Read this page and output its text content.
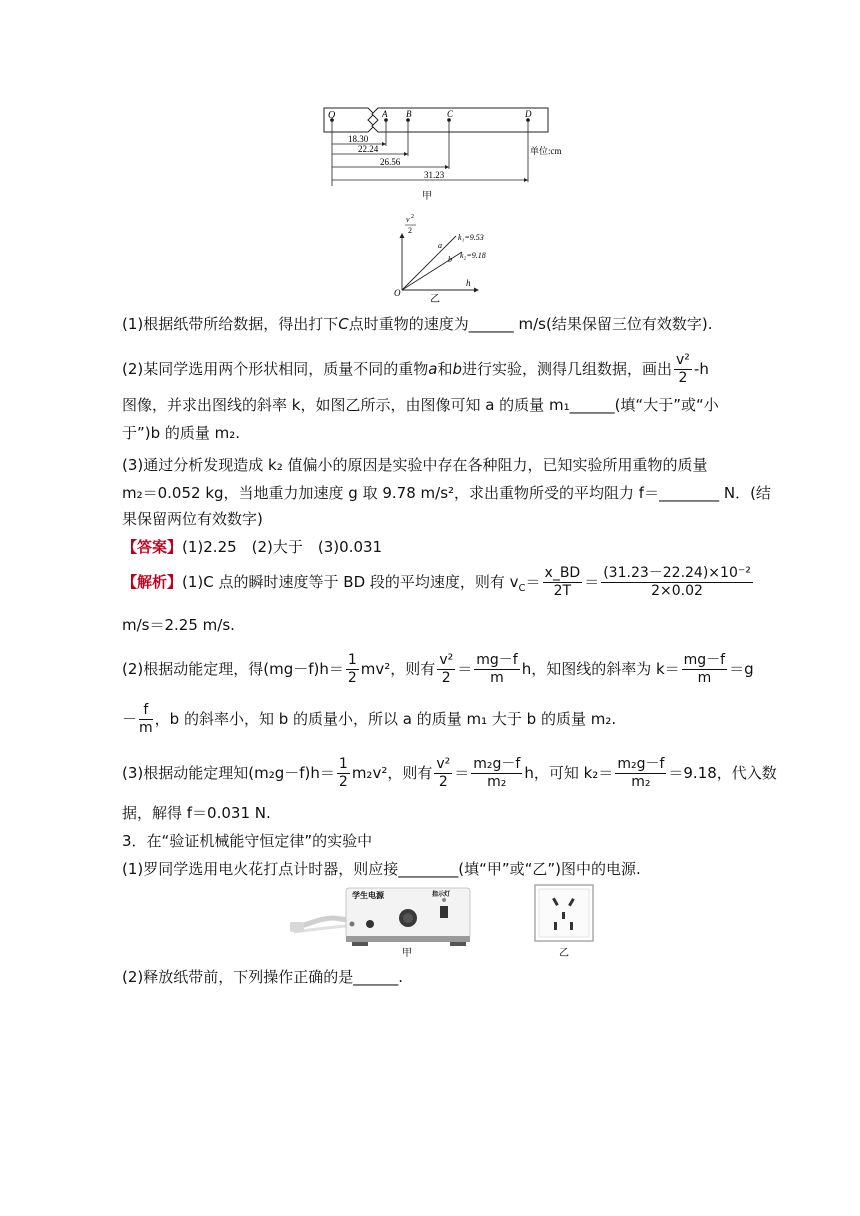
O	A B	C	D
18.30
22.24
26.56
31.23
单位:cm
甲
v 2
2
O
h
a
b
k₁=9.53
k₂=9.18
乙
(1)根据纸带所给数据，得出打下C点时重物的速度为______ m/s(结果保留三位有效数字).
(2)某同学选用两个形状相同，质量不同的重物a和b进行实验，测得几组数据，画出 $\frac{\text{v²}}{2} -h$
图像，并求出图线的斜率 k，如图乙所示，由图像可知 a 的质量 m₁______(填“大于”或“小
于”)b 的质量 m₂.
(3)通过分析发现造成 k₂ 值偏小的原因是实验中存在各种阻力，已知实验所用重物的质量
m₂＝0.052 kg，当地重力加速度 g 取 9.78 m/s²，求出重物所受的平均阻力 f＝________ N．(结
果保留两位有效数字)
【答案】(1)2.25　(2)大于　(3)0.031
【解析】(1)C 点的瞬时速度等于 BD 段的平均速度，则有 $v_C= \frac{x\_BD}{2T} = \frac{\text{(31.23－22.24)×10⁻²}}{2\times 0.02}$
m/s＝2.25 m/s.
(2)根据动能定理，得$(mg-f)h= \frac{1}{2} mv^2$，则有 $\frac{\text{v²}}{2} = \frac{mg-f}{m}$ h，知图线的斜率为 $k= \frac{mg-f}{m} =g$
－ $\frac{f}{m}$ ，b 的斜率小，知 b 的质量小，所以 a 的质量 m₁ 大于 b 的质量 m₂.
(3)根据动能定理知$(m_2g-f)h= \frac{1}{2} m_2v^2$，则有 $\frac{\text{v²}}{2} = \frac{\text{m₂g－f}}{\text{m₂}}$ h，可知 $k_2= \frac{\text{m₂g－f}}{\text{m₂}} =9.18$，代入数
据，解得 f＝0.031 N.
3．在“验证机械能守恒定律”的实验中
(1)罗同学选用电火花打点计时器，则应接________(填“甲”或“乙”)图中的电源.
学生电源	指示灯
甲	乙
(2)释放纸带前，下列操作正确的是______.
